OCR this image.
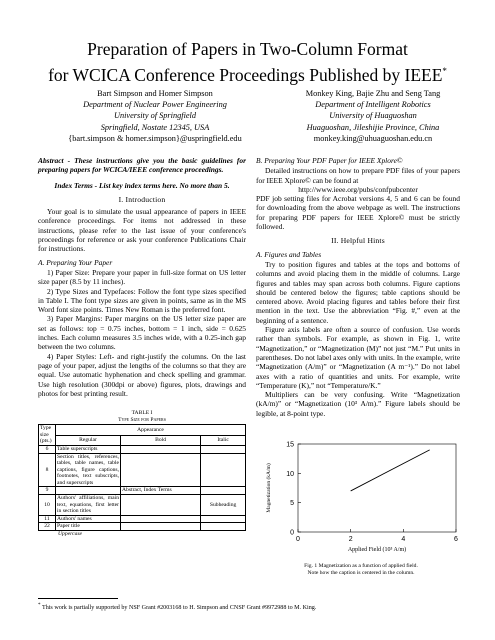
Preparation of Papers in Two-Column Format
for WCICA Conference Proceedings Published by IEEE*
Bart Simpson and Homer Simpson
Department of Nuclear Power Engineering
University of Springfield
Springfield, Nostate 12345, USA
{bart.simpson & homer.simpson}@uspringfield.edu
Monkey King, Bajie Zhu and Seng Tang
Department of Intelligent Robotics
University of Huaguoshan
Huaguoshan, Jileshijie Province, China
monkey.king@uhuaguoshan.edu.cn

Abstract - These instructions give you the basic guidelines for preparing papers for WCICA/IEEE conference proceedings.

Index Terms - List key index terms here. No more than 5.

I. Introduction

Your goal is to simulate the usual appearance of papers in IEEE conference proceedings. For items not addressed in these instructions, please refer to the last issue of your conference's proceedings for reference or ask your conference Publications Chair for instructions.

A. Preparing Your Paper

1) Paper Size: Prepare your paper in full-size format on US letter size paper (8.5 by 11 inches).

2) Type Sizes and Typefaces: Follow the font type sizes specified in Table I. The font type sizes are given in points, same as in the MS Word font size points. Times New Roman is the preferred font.

3) Paper Margins: Paper margins on the US letter size paper are set as follows: top = 0.75 inches, bottom = 1 inch, side = 0.625 inches. Each column measures 3.5 inches wide, with a 0.25-inch gap between the two columns.

4) Paper Styles: Left- and right-justify the columns. On the last page of your paper, adjust the lengths of the columns so that they are equal. Use automatic hyphenation and check spelling and grammar. Use high resolution (300dpi or above) figures, plots, drawings and photos for best printing result.

TABLE I
Type Size for Papers
Type size (pts.)	Appearance		
	Regular	Bold	Italic
6	Table superscripts		
8	Section titles, references, tables, table names, table captions, figure captions, footnotes, text subscripts, and superscripts		
9		Abstract, Index Terms	
10	Authors' affiliations, main text, equations, first letter in section titles		Subheading
11	Authors' names		
22	Paper title		
Uppercase
B. Preparing Your PDF Paper for IEEE Xplore©

Detailed instructions on how to prepare PDF files of your papers for IEEE Xplore© can be found at

http://www.ieee.org/pubs/confpubcenter

PDF job setting files for Acrobat versions 4, 5 and 6 can be found for downloading from the above webpage as well. The instructions for preparing PDF papers for IEEE Xplore© must be strictly followed.

II. Helpful Hints
A. Figures and Tables

Try to position figures and tables at the tops and bottoms of columns and avoid placing them in the middle of columns. Large figures and tables may span across both columns. Figure captions should be centered below the figures; table captions should be centered above. Avoid placing figures and tables before their first mention in the text. Use the abbreviation “Fig. #,” even at the beginning of a sentence.

Figure axis labels are often a source of confusion. Use words rather than symbols. For example, as shown in Fig. 1, write “Magnetization,” or “Magnetization (M)” not just “M.” Put units in parentheses. Do not label axes only with units. In the example, write “Magnetization (A/m)” or “Magnetization (A m⁻¹).” Do not label axes with a ratio of quantities and units. For example, write “Temperature (K),” not “Temperature/K.”

Multipliers can be very confusing. Write “Magnetization (kA/m)” or “Magnetization (10³ A/m).” Figure labels should be legible, at 8-point type.

0
5
10
15
0	2	4	6
Applied Field (10³ A/m)
Magnetization (kA/m)
Fig. 1 Magnetization as a function of applied field.
Note how the caption is centered in the column.
* This work is partially supported by NSF Grant #2003168 to H. Simpson and CNSF Grant #9972988 to M. King.
